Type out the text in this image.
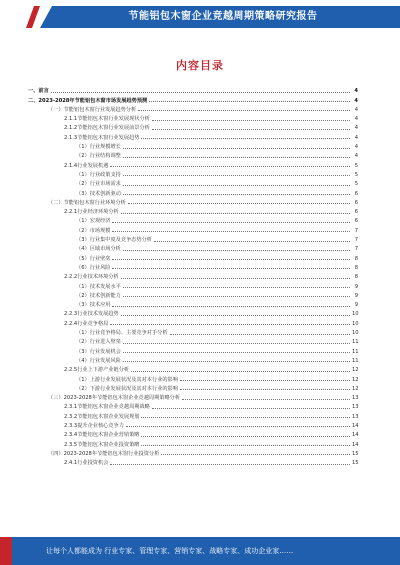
节能铝包木窗企业竞越周期策略研究报告
内容目录
一、 前言	4
二、 2023-2028年节能铝包木窗市场发展趋势预测	4
（一） 节能铝包木窗行业发展趋势分析	4
2.1.1 节能铝包木窗行业发展现状分析	4
2.1.2 节能铝包木窗行业发展前景分析	4
2.1.3 节能铝包木窗行业发展趋势	4
（1） 行业规模增长	4
（2） 行业结构调整	4
2.1.4 行业发展机遇	5
（1） 行业政策支持	5
（2） 行业市场需求	5
（3） 技术创新驱动	6
（二） 节能铝包木窗行业环境分析	6
2.2.1 行业经济环境分析	6
（1） 宏观经济	6
（2） 市场规模	7
（3） 行业集中度及竞争态势分析	7
（4） 区域市场分析	7
（5） 行业壁垒	8
（6） 行业风险	8
2.2.2 行业技术环境分析	8
（1） 技术发展水平	9
（2） 技术创新能力	9
（3） 技术应用	9
2.2.3 行业技术发展趋势	10
2.2.4 行业竞争格局	10
（1） 行业竞争格局、主要竞争对手分析	10
（2） 行业进入壁垒	11
（3） 行业发展机会	11
（4） 行业发展风险	11
2.2.5 行业上下游产业链分析	12
（1） 上游行业发展状况及其对本行业的影响	12
（2） 下游行业发展状况及其对本行业的影响	12
（三） 2023-2028年节能铝包木窗企业竞越周期策略分析	13
2.3.1 节能铝包木窗企业竞越周期战略	13
2.3.2 节能铝包木窗企业发展规划	13
2.3.3 提升企业核心竞争力	14
2.3.4 节能铝包木窗企业营销策略	14
2.3.5 节能铝包木窗企业投资策略	14
（四） 2023-2028年节能铝包木窗行业投资分析	15
2.4.1 行业投资机会	15
让每个人都能成为 行业专家、管理专家、营销专家、战略专家、成功企业家……
